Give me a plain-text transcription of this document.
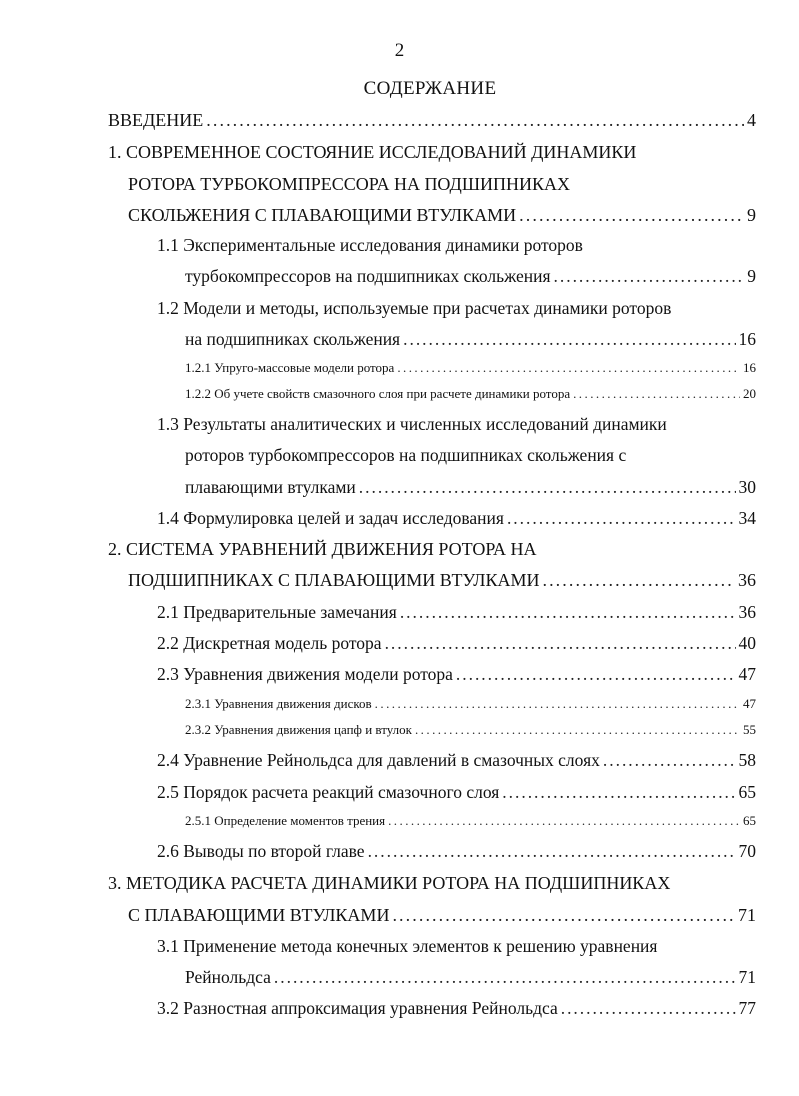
2
СОДЕРЖАНИЕ
ВВЕДЕНИЕ . . .	4
1. СОВРЕМЕННОЕ СОСТОЯНИЕ ИССЛЕДОВАНИЙ ДИНАМИКИ
РОТОРА ТУРБОКОМПРЕССОРА НА ПОДШИПНИКАХ
СКОЛЬЖЕНИЯ С ПЛАВАЮЩИМИ ВТУЛКАМИ . . .	9
1.1 Экспериментальные исследования динамики роторов
турбокомпрессоров на подшипниках скольжения . . .	9
1.2 Модели и методы, используемые при расчетах динамики роторов
на подшипниках скольжения . . .	16
1.2.1 Упруго-массовые модели ротора . . .	16
1.2.2 Об учете свойств смазочного слоя при расчете динамики ротора . . .	20
1.3 Результаты аналитических и численных исследований динамики
роторов турбокомпрессоров на подшипниках скольжения с
плавающими втулками . . .	30
1.4 Формулировка целей и задач исследования . . .	34
2. СИСТЕМА УРАВНЕНИЙ ДВИЖЕНИЯ РОТОРА НА
ПОДШИПНИКАХ С ПЛАВАЮЩИМИ ВТУЛКАМИ . . .	36
2.1 Предварительные замечания . . .	36
2.2 Дискретная модель ротора . . .	40
2.3 Уравнения движения модели ротора . . .	47
2.3.1 Уравнения движения дисков . . .	47
2.3.2 Уравнения движения цапф и втулок . . .	55
2.4 Уравнение Рейнольдса для давлений в смазочных слоях . . .	58
2.5 Порядок расчета реакций смазочного слоя . . .	65
2.5.1 Определение моментов трения . . .	65
2.6 Выводы по второй главе . . .	70
3. МЕТОДИКА РАСЧЕТА ДИНАМИКИ РОТОРА НА ПОДШИПНИКАХ
С ПЛАВАЮЩИМИ ВТУЛКАМИ . . .	71
3.1 Применение метода конечных элементов к решению уравнения
Рейнольдса . . .	71
3.2 Разностная аппроксимация уравнения Рейнольдса . . .	77
